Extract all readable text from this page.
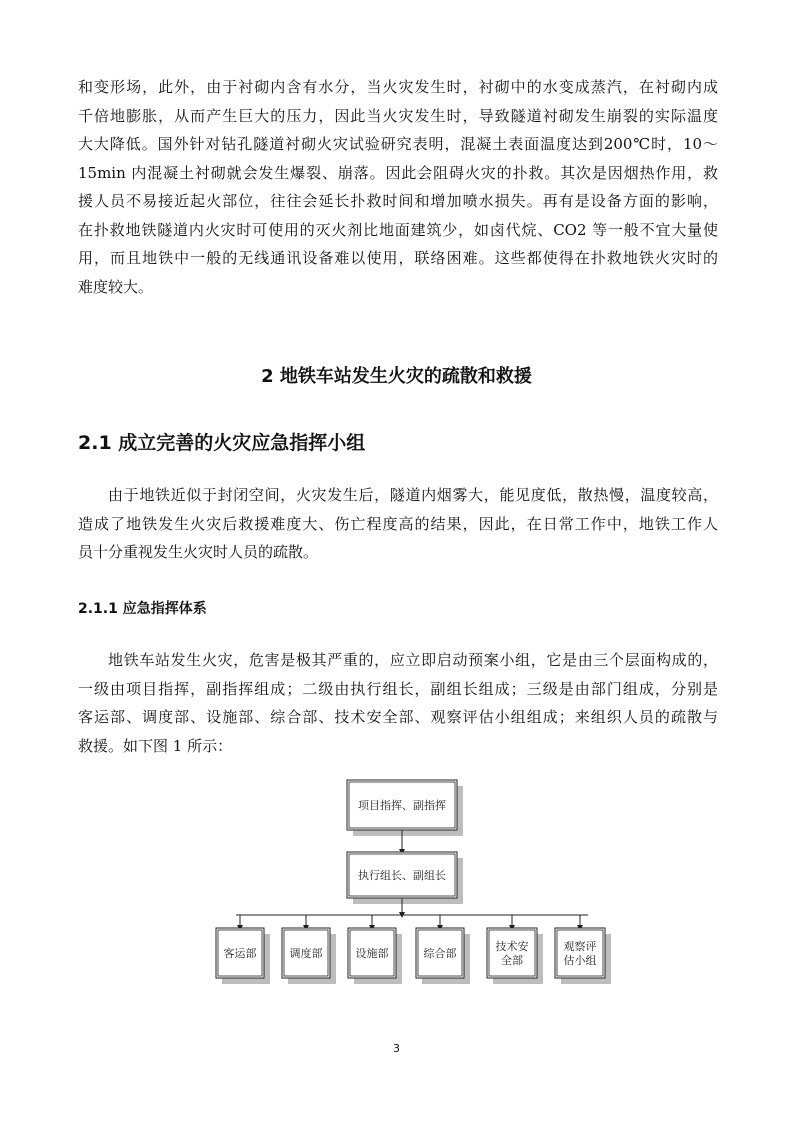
和变形场，此外，由于衬砌内含有水分，当火灾发生时，衬砌中的水变成蒸汽，在衬砌内成
千倍地膨胀，从而产生巨大的压力，因此当火灾发生时，导致隧道衬砌发生崩裂的实际温度
大大降低。国外针对钻孔隧道衬砌火灾试验研究表明，混凝土表面温度达到200℃时，10～
15min 内混凝土衬砌就会发生爆裂、崩落。因此会阻碍火灾的扑救。其次是因烟热作用，救
援人员不易接近起火部位，往往会延长扑救时间和增加喷水损失。再有是设备方面的影响，
在扑救地铁隧道内火灾时可使用的灭火剂比地面建筑少，如卤代烷、CO2 等一般不宜大量使
用，而且地铁中一般的无线通讯设备难以使用，联络困难。这些都使得在扑救地铁火灾时的
难度较大。
2 地铁车站发生火灾的疏散和救援
2.1 成立完善的火灾应急指挥小组
由于地铁近似于封闭空间，火灾发生后，隧道内烟雾大，能见度低，散热慢，温度较高，
造成了地铁发生火灾后救援难度大、伤亡程度高的结果，因此，在日常工作中，地铁工作人
员十分重视发生火灾时人员的疏散。
2.1.1 应急指挥体系
地铁车站发生火灾，危害是极其严重的，应立即启动预案小组，它是由三个层面构成的，
一级由项目指挥，副指挥组成；二级由执行组长，副组长组成；三级是由部门组成，分别是
客运部、调度部、设施部、综合部、技术安全部、观察评估小组组成；来组织人员的疏散与
救援。如下图 1 所示：
项目指挥、副指挥
执行组长、副组长
客运部	调度部	设施部	综合部
技术安
全部
观察评
估小组
3
